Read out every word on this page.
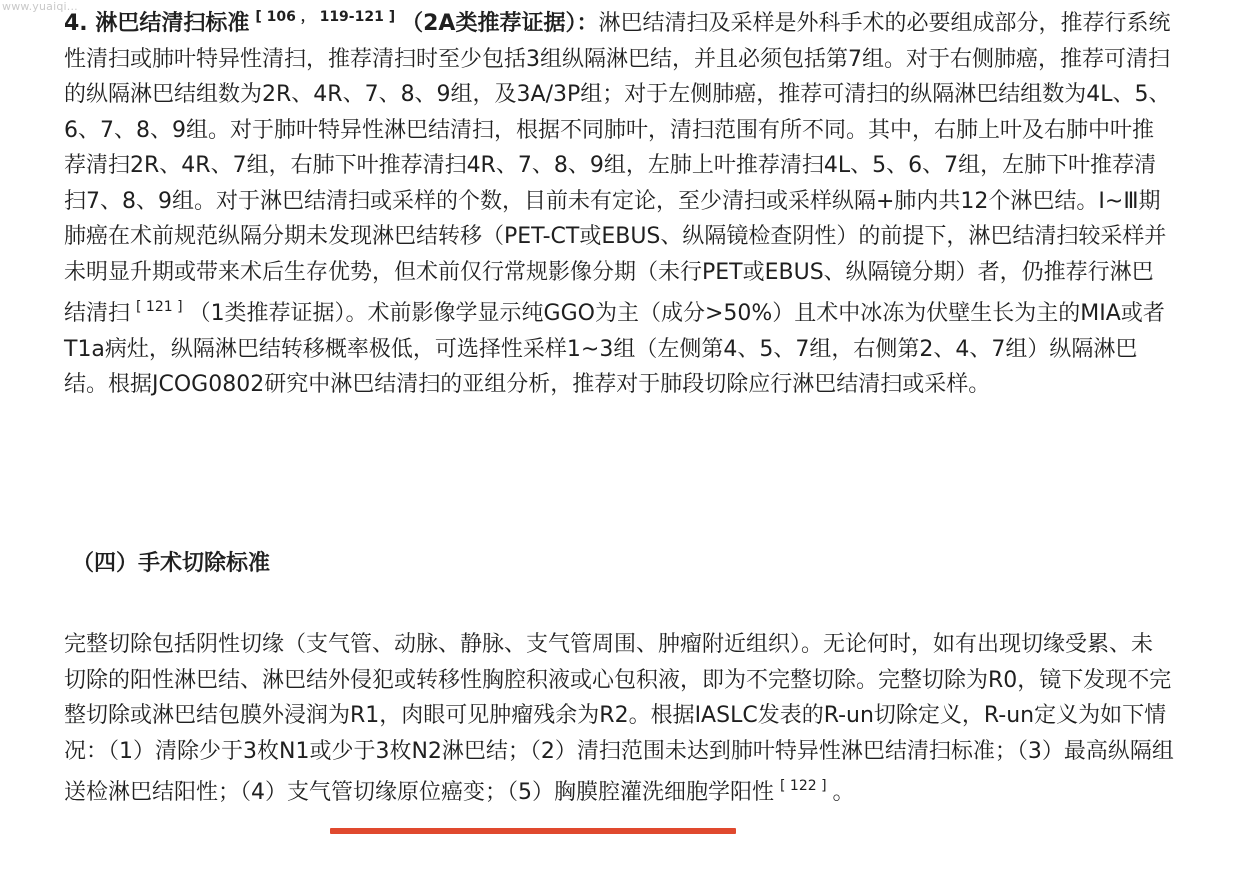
www.yuaiqi...

4. 淋巴结清扫标准 [ 106 ， 119-121 ] （2A类推荐证据）：淋巴结清扫及采样是外科手术的必要组成部分，推荐行系统性清扫或肺叶特异性清扫，推荐清扫时至少包括3组纵隔淋巴结，并且必须包括第7组。对于右侧肺癌，推荐可清扫的纵隔淋巴结组数为2R、4R、7、8、9组，及3A/3P组；对于左侧肺癌，推荐可清扫的纵隔淋巴结组数为4L、5、6、7、8、9组。对于肺叶特异性淋巴结清扫，根据不同肺叶，清扫范围有所不同。其中，右肺上叶及右肺中叶推荐清扫2R、4R、7组，右肺下叶推荐清扫4R、7、8、9组，左肺上叶推荐清扫4L、5、6、7组，左肺下叶推荐清扫7、8、9组。对于淋巴结清扫或采样的个数，目前未有定论，至少清扫或采样纵隔+肺内共12个淋巴结。Ⅰ~Ⅲ期肺癌在术前规范纵隔分期未发现淋巴结转移（PET-CT或EBUS、纵隔镜检查阴性）的前提下，淋巴结清扫较采样并未明显升期或带来术后生存优势，但术前仅行常规影像分期（未行PET或EBUS、纵隔镜分期）者，仍推荐行淋巴结清扫 [ 121 ] （1类推荐证据）。术前影像学显示纯GGO为主（成分>50%）且术中冰冻为伏壁生长为主的MIA或者T1a病灶，纵隔淋巴结转移概率极低，可选择性采样1~3组（左侧第4、5、7组，右侧第2、4、7组）纵隔淋巴结。根据JCOG0802研究中淋巴结清扫的亚组分析，推荐对于肺段切除应行淋巴结清扫或采样。

（四）手术切除标准

完整切除包括阴性切缘（支气管、动脉、静脉、支气管周围、肿瘤附近组织）。无论何时，如有出现切缘受累、未切除的阳性淋巴结、淋巴结外侵犯或转移性胸腔积液或心包积液，即为不完整切除。完整切除为R0，镜下发现不完整切除或淋巴结包膜外浸润为R1，肉眼可见肿瘤残余为R2。根据IASLC发表的R-un切除定义，R-un定义为如下情况：（1）清除少于3枚N1或少于3枚N2淋巴结；（2）清扫范围未达到肺叶特异性淋巴结清扫标准；（3）最高纵隔组送检淋巴结阳性；（4）支气管切缘原位癌变；（5）胸膜腔灌洗细胞学阳性 [ 122 ] 。
